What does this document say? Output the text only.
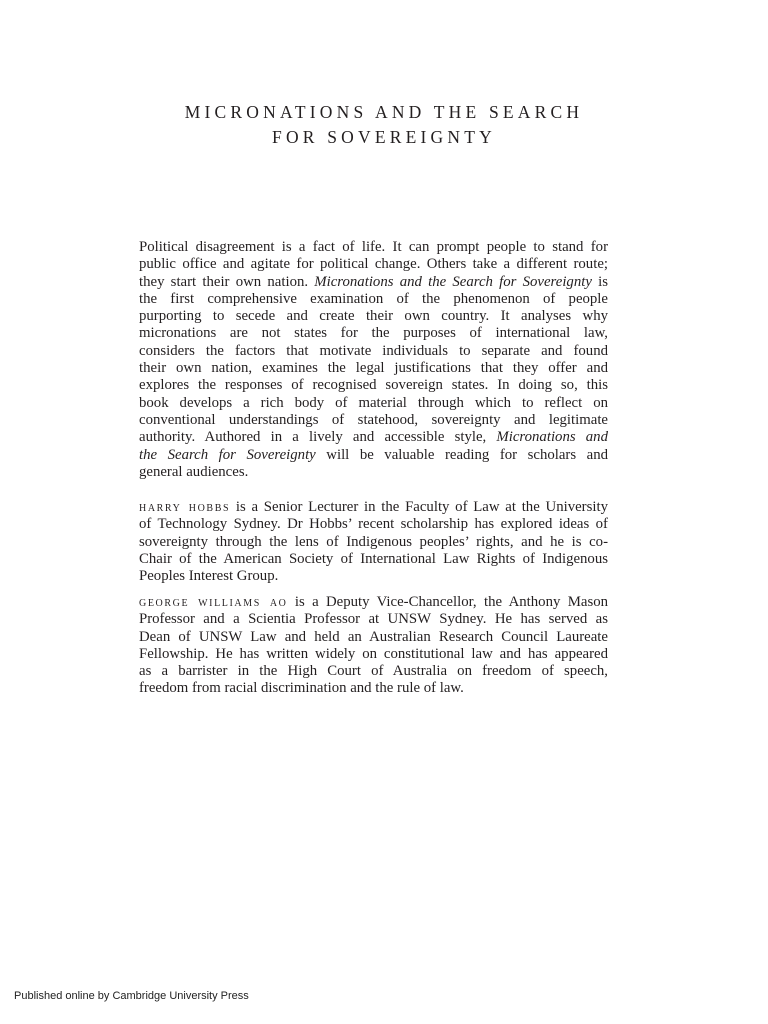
MICRONATIONS AND THE SEARCH
FOR SOVEREIGNTY

Political disagreement is a fact of life. It can prompt people to stand for
public office and agitate for political change. Others take a different route;
they start their own nation. Micronations and the Search for Sovereignty is
the first comprehensive examination of the phenomenon of people
purporting to secede and create their own country. It analyses why
micronations are not states for the purposes of international law,
considers the factors that motivate individuals to separate and found
their own nation, examines the legal justifications that they offer and
explores the responses of recognised sovereign states. In doing so, this
book develops a rich body of material through which to reflect on
conventional understandings of statehood, sovereignty and legitimate
authority. Authored in a lively and accessible style, Micronations and
the Search for Sovereignty will be valuable reading for scholars and
general audiences.

harry hobbs is a Senior Lecturer in the Faculty of Law at the University
of Technology Sydney. Dr Hobbs’ recent scholarship has explored ideas of
sovereignty through the lens of Indigenous peoples’ rights, and he is co-
Chair of the American Society of International Law Rights of Indigenous
Peoples Interest Group.

george williams ao is a Deputy Vice-Chancellor, the Anthony Mason
Professor and a Scientia Professor at UNSW Sydney. He has served as
Dean of UNSW Law and held an Australian Research Council Laureate
Fellowship. He has written widely on constitutional law and has appeared
as a barrister in the High Court of Australia on freedom of speech,
freedom from racial discrimination and the rule of law.

Published online by Cambridge University Press
